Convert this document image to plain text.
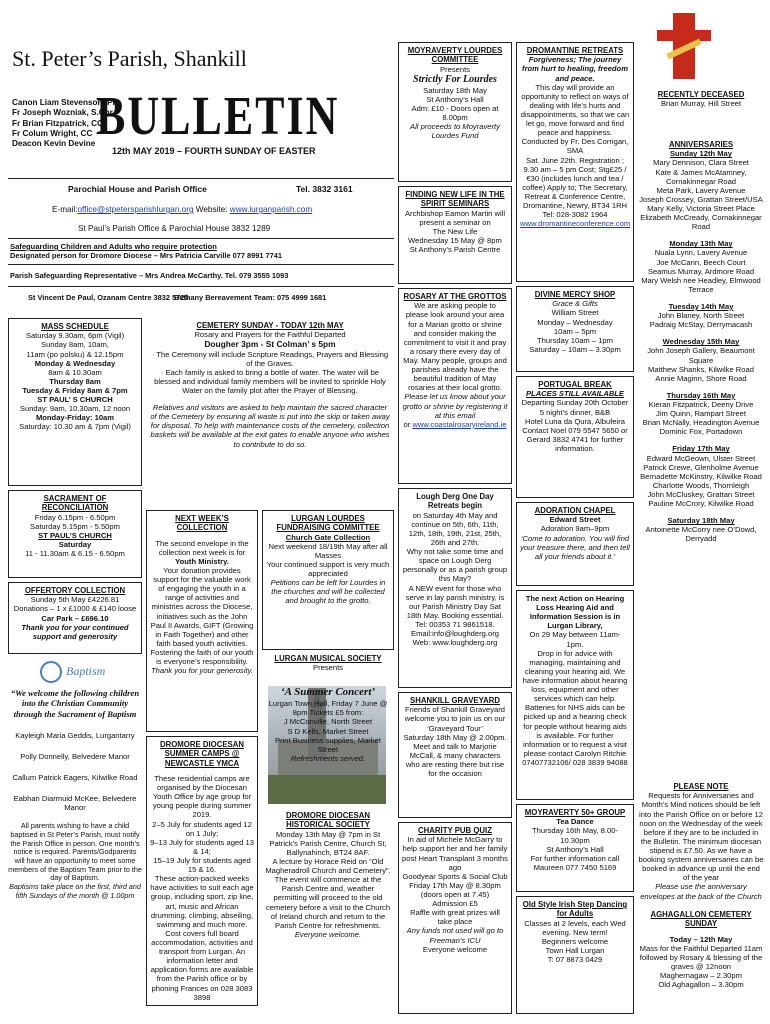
St. Peter’s Parish, Shankill
BULLETIN
Canon Liam Stevenson, PP
Fr Joseph Wozniak, S.Chr
Fr Brian Fitzpatrick, CC
Fr Colum Wright, CC
Deacon Kevin Devine
12th MAY 2019 – FOURTH SUNDAY OF EASTER
Parochial House and Parish Office	Tel. 3832 3161
E-mail:office@stpetersparishlurgan.org Website: www.lurganparish.com
St Paul’s Parish Office & Parochial House 3832 1289
Safeguarding Children and Adults who require protection
Designated person for Dromore Diocese – Mrs Patricia Carville 077 8991 7741
Parish Safeguarding Representative – Mrs Andrea McCarthy. Tel. 079 3555 1093
St Vincent De Paul, Ozanam Centre 3832 5725
Bethany Bereavement Team: 075 4999 1681
MASS SCHEDULE
Saturday 9.30am, 6pm (Vigil)
Sunday 8am, 10am,
11am (po polsku) & 12.15pm
Monday & Wednesday
8am & 10.30am
Thursday 8am
Tuesday & Friday 8am & 7pm
ST PAUL’ S CHURCH
Sunday: 9am, 10.30am, 12 noon
Monday-Friday: 10am
Saturday: 10.30 am & 7pm (Vigil)
SACRAMENT OF RECONCILIATION
Friday 6.15pm - 6.50pm
Saturday 5.15pm - 5.50pm
ST PAUL’S CHURCH
Saturday
11 - 11.30am & 6.15 - 6.50pm
OFFERTORY COLLECTION
Sunday 5th May £4226.81
Donations – 1 x £1000 & £140 loose
Car Park – £696.10
Thank you for your continued support and generosity
Baptism
“We welcome the following children into the Christian Community through the Sacrament of Baptism
Kayleigh Maria Geddis, Lurgantarry
Polly Donnelly, Belvedere Manor
Callum Patrick Eagers, Kilwilke Road
Eabhan Diarmuid McKee, Belvedere Manor
All parents wishing to have a child baptised in St Peter’s Parish, must notify the Parish Office in person. One month’s notice is required. Parents/Godparents will have an opportunity to meet some members of the Baptism Team prior to the day of Baptism.
Baptisms take place on the first, third and fifth Sundays of the month @ 1.00pm
CEMETERY SUNDAY - TODAY 12th MAY
Rosary and Prayers for the Faithful Departed
Dougher 3pm - St Colman’ s 5pm
· The Ceremony will include Scripture Readings, Prayers and Blessing of the Graves.
· Each family is asked to bring a bottle of water. The water will be blessed and individual family members will be invited to sprinkle Holy Water on the family plot after the Prayer of Blessing.
Relatives and visitors are asked to help maintain the sacred character of the Cemetery by ensuring all waste is put into the skip or taken away for disposal. To help with maintenance costs of the cemetery, collection baskets will be available at the exit gates to enable anyone who wishes to contribute to do so.
NEXT WEEK’S COLLECTION
The second envelope in the collection next week is for
Youth Ministry.
Your donation provides support for the valuable work of engaging the youth in a range of activities and ministries across the Diocese, initiatives such as the John Paul II Awards, GIFT (Growing in Faith Together) and other faith based youth activities. Fostering the faith of our youth is everyone’s responsibility.
Thank you for your generosity.
DROMORE DIOCESAN SUMMER CAMPS @ NEWCASTLE YMCA
These residential camps are organised by the Diocesan Youth Office by age group for young people during summer 2019.
2–5 July for students aged 12 on 1 July;
9–13 July for students aged 13 & 14;
15–19 July for students aged 15 & 16.
These action-packed weeks have activities to suit each age group, including sport, zip line, art, music and African drumming, climbing, abseiling, swimming and much more. Cost covers full board accommodation, activities and transport from Lurgan. An information letter and application forms are available from the Parish office or by phoning Frances on 028 3083 3898
LURGAN LOURDES FUNDRAISING COMMITTEE
Church Gate Collection
Next weekend 18/19th May after all Masses
Your continued support is very much appreciated
Petitions can be left for Lourdes in the churches and will be collected and brought to the grotto.
LURGAN MUSICAL SOCIETY
Presents
‘A Summer Concert’
Lurgan Town Hall, Friday 7 June @ 8pm Tickets £5 from:
J McConville, North Street
S D Kells, Market Street
Print Business supplies, Market Street
Refreshments served.
DROMORE DIOCESAN HISTORICAL SOCIETY
Monday 13th May @ 7pm in St Patrick’s Parish Centre, Church St, Ballynahinch, BT24 8AF.
A lecture by Horace Reid on “Old Magheradroll Church and Cemetery”.
The event will commence at the Parish Centre and, weather permitting will proceed to the old cemetery before a visit to the Church of Ireland church and return to the Parish Centre for refreshments.
Everyone welcome.
MOYRAVERTY LOURDES COMMITTEE
Presents
Strictly For Lourdes
Saturday 18th May
St Anthony’s Hall
Adm: £10 - Doors open at 8.00pm
All proceeds to Moyraverty Lourdes Fund
FINDING NEW LIFE IN THE SPIRIT SEMINARS
Archbishop Eamon Martin will present a seminar on
The New Life
Wednesday 15 May @ 8pm
St Anthony’s Parish Centre
ROSARY AT THE GROTTOS
We are asking people to please look around your area for a Marian grotto or shrine and consider making the commitment to visit it and pray a rosary there every day of May. Many people, groups and parishes already have the beautiful tradition of May rosaries at their local grotto.
Please let us know about your grotto or shrine by registering it at this email
or www.coastalrosaryireland.ie
Lough Derg One Day Retreats begin
on Saturday 4th May and continue on 5th, 6th, 11th, 12th, 18th, 19th, 21st, 25th, 26th and 27th.
Why not take some time and space on Lough Derg personally or as a parish group this May?
A NEW event for those who serve in lay parish ministry, is our Parish Ministry Day Sat 18th May. Booking essential. Tel: 00353 71 9861518. Email:info@loughderg.org Web: www.loughderg.org
SHANKILL GRAVEYARD
Friends of Shankill Graveyard welcome you to join us on our ‘Graveyard Tour’
Saturday 18th May @ 2.00pm.
Meet and talk to Marjorie McCall, & many characters who are resting there but rise for the occasion
CHARITY PUB QUIZ
In aid of Michele McGarry to help support her and her family post Heart Transplant 3 months ago
Goodyear Sports & Social Club
Friday 17th May @ 8.30pm (doors open at 7.45)
Admission £5
Raffle with great prizes will take place
Any funds not used will go to Freeman’s ICU
Everyone welcome
DROMANTINE RETREATS
Forgiveness; The journey from hurt to healing, freedom and peace.
This day will provide an opportunity to reflect on ways of dealing with life’s hurts and disappointments, so that we can let go, move forward and find peace and happiness. Conducted by Fr. Des Corrigan, SMA
Sat. June 22th. Registration ; 9.30 am – 5 pm Cost; Stg£25 / €30 (includes lunch and tea / coffee) Apply to; The Secretary, Retreat & Conference Centre, Dromantine, Newry, BT34 1RH Tel: 028-3082 1964
www.dromantineconference.com
DIVINE MERCY SHOP
Grace & Gifts
William Street
Monday – Wednesday
10am – 5pm
Thursday 10am – 1pm
Saturday – 10am – 3.30pm
PORTUGAL BREAK
PLACES STILL AVAILABLE
Departing Sunday 20th October
5 night’s dinner, B&B
Hotel Luna da Qura, Albufeira
Contact Noel 079 5547 5650 or Gerard 3832 4741 for further information.
ADORATION CHAPEL
Edward Street
Adoration 9am–9pm
‘Come to adoration. You will find your treasure there, and then tell all your friends about it.’
The next Action on Hearing Loss Hearing Aid and Information Session is in Lurgan Library,
On 29 May between 11am- 1pm.
Drop in for advice with managing, maintaining and cleaning your hearing aid. We have information about hearing loss, equipment and other services which can help.
Batteries for NHS aids can be picked up and a hearing check for people without hearing aids is available. For further information or to request a visit please contact Carolyn Ritchie 07407732106/ 028 3839 94088
MOYRAVERTY 50+ GROUP
Tea Dance
Thursday 16th May, 8.00-10.30pm
St Anthony’s Hall
For further information call
Maureen 077 7450 5169
Old Style Irish Step Dancing for Adults
Classes at 2 levels, each Wed evening. New term!
Beginners welcome
Town Hall Lurgan
T: 07 8873 0429
RECENTLY DECEASED
Brian Murray, Hill Street
ANNIVERSARIES
Sunday 12th May
Mary Dennison, Clara Street
Kate & James McAtamney, Cornakinnegar Road
Meta Park, Lavery Avenue
Joseph Crossey, Grattan Street/USA
Mary Kelly, Victoria Street Place
Elizabeth McCready, Cornakinnegar Road
Monday 13th May
Nuala Lynn, Lavery Avenue
Joe McCann, Beech Court
Seamus Murray, Ardmore Road
Mary Welsh nee Headley, Elmwood Terrace
Tuesday 14th May
John Blaney, North Street
Padraig McStay, Derrymacash
Wednesday 15th May
John Joseph Gallery, Beaumont Square
Matthew Shanks, Kilwilke Road
Annie Maginn, Shore Road
Thursday 16th May
Kieran Fitzpatrick, Deeny Drive
Jim Quinn, Rampart Street
Brian McNally, Headington Avenue
Dominic Fox, Portadown
Friday 17th May
Edward McGeown, Ulster Street
Patrick Crewe, Glenholme Avenue
Bernadette McKinstry, Kilwilke Road
Charlotte Woods, Thornleigh
John McCluskey, Grattan Street
Pauline McCrory, Kilwilke Road
Saturday 18th May
Antoinette McCorry nee O’Dowd, Derryadd
PLEASE NOTE
Requests for Anniversaries and Month’s Mind notices should be left into the Parish Office on or before 12 noon on the Wednesday of the week before if they are to be included in the Bulletin. The minimum diocesan stipend is £7.50. As we have a booking system anniversaries can be booked in advance up until the end of the year
Please use the anniversary envelopes at the back of the Church
AGHAGALLON CEMETERY SUNDAY
Today – 12th May
Mass for the Faithful Departed 11am followed by Rosary & blessing of the graves @ 12noon
Maghernagaw – 2.30pm
Old Aghagallon – 3.30pm
